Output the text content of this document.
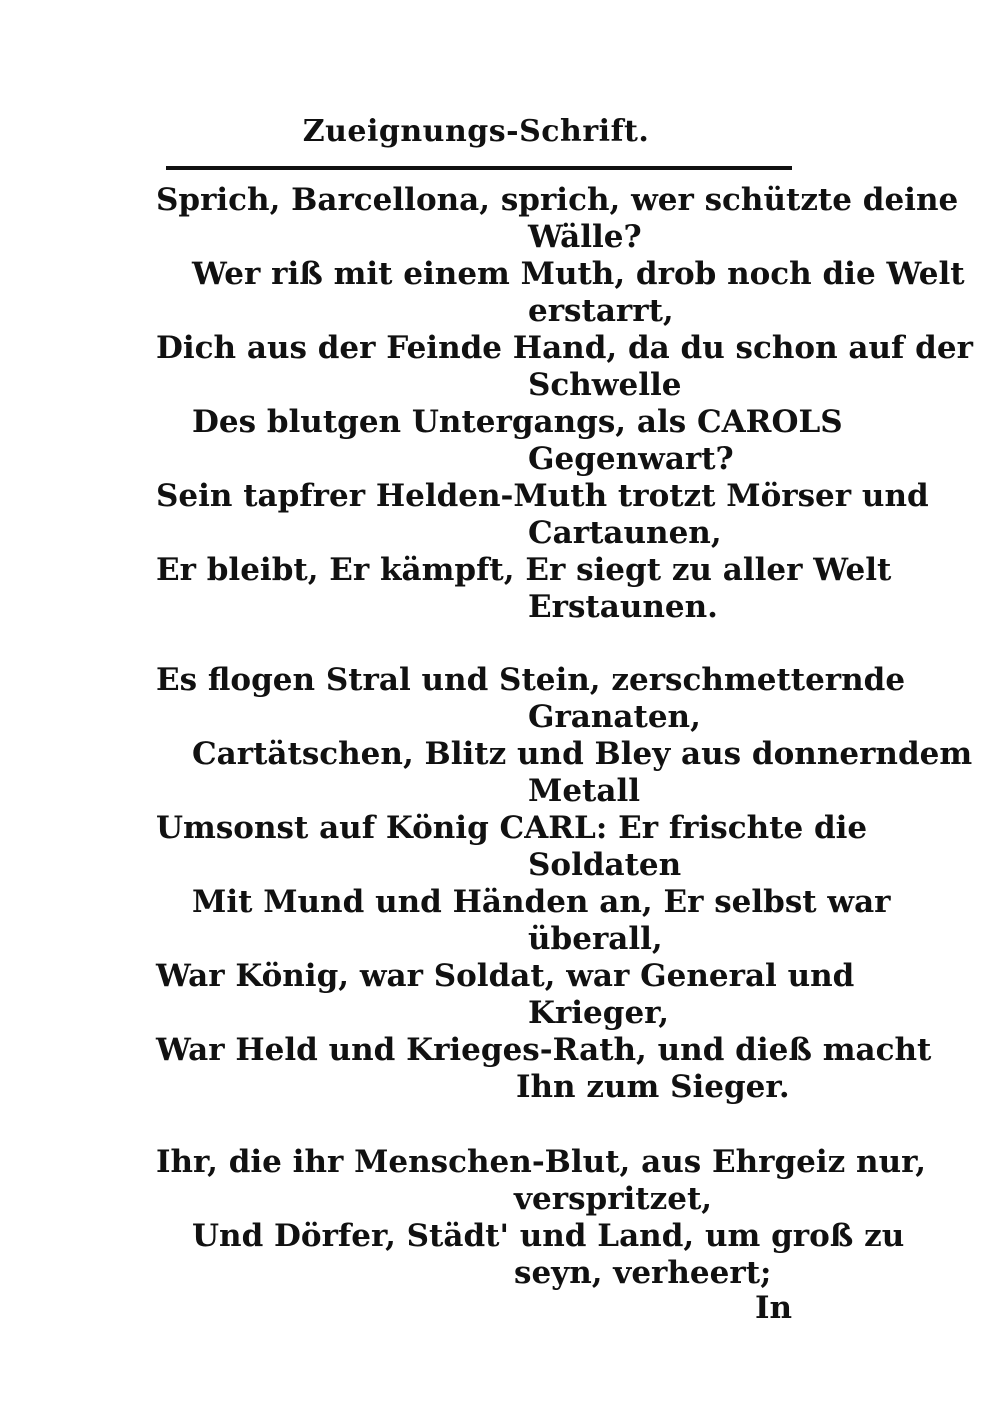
Zueignungs-Schrift.
Sprich, Barcellona, sprich, wer schützte deine
Wälle?
Wer riß mit einem Muth, drob noch die Welt
erstarrt,
Dich aus der Feinde Hand, da du schon auf der
Schwelle
Des blutgen Untergangs, als CAROLS
Gegenwart?
Sein tapfrer Helden-Muth trotzt Mörser und
Cartaunen,
Er bleibt, Er kämpft, Er siegt zu aller Welt
Erstaunen.
Es flogen Stral und Stein, zerschmetternde
Granaten,
Cartätschen, Blitz und Bley aus donnerndem
Metall
Umsonst auf König CARL: Er frischte die
Soldaten
Mit Mund und Händen an, Er selbst war
überall,
War König, war Soldat, war General und
Krieger,
War Held und Krieges-Rath, und dieß macht
Ihn zum Sieger.
Ihr, die ihr Menschen-Blut, aus Ehrgeiz nur,
verspritzet,
Und Dörfer, Städt' und Land, um groß zu
seyn, verheert;
In
